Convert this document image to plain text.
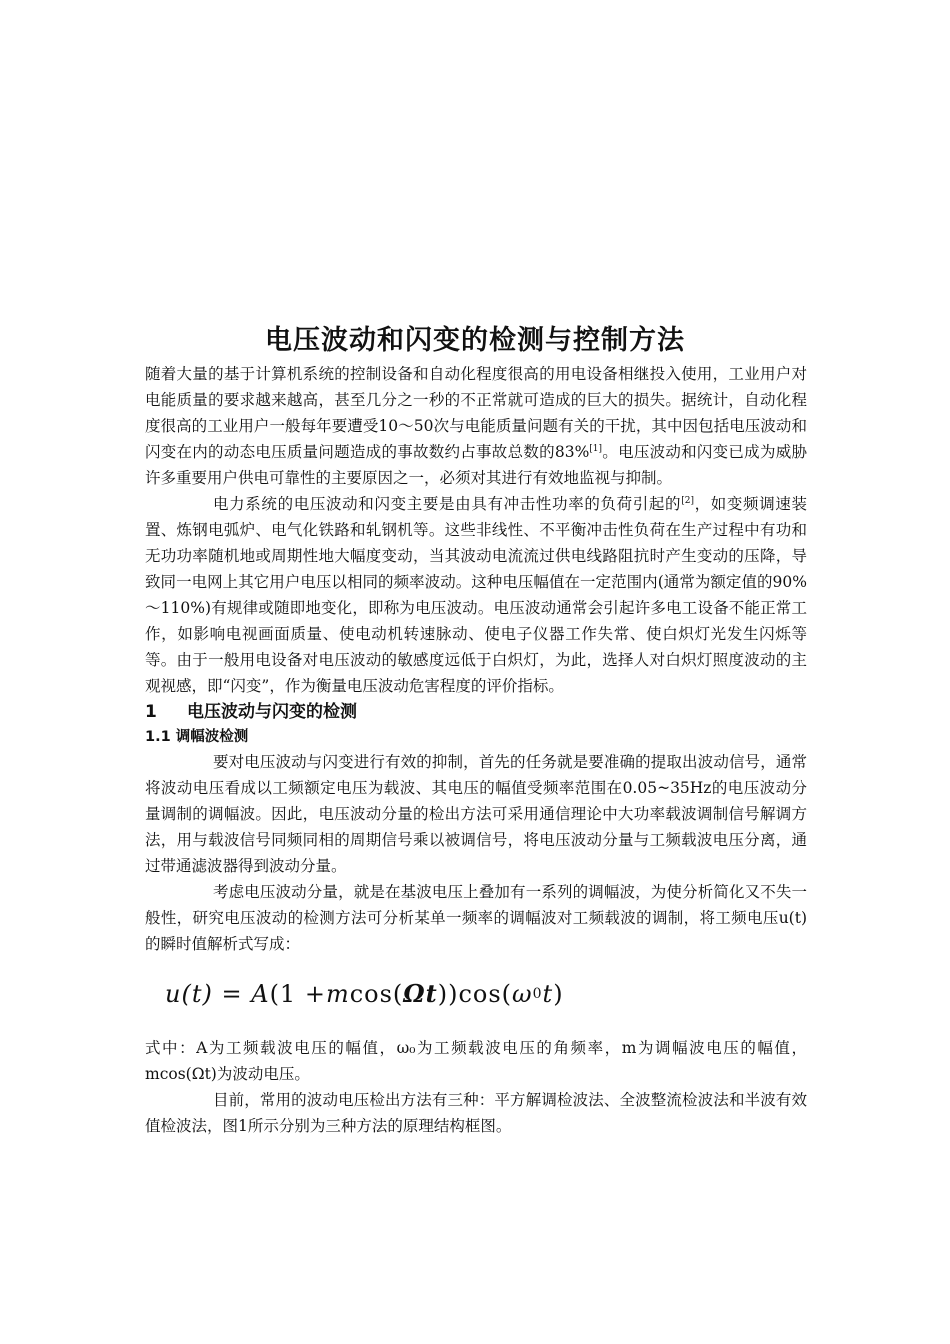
电压波动和闪变的检测与控制方法

随着大量的基于计算机系统的控制设备和自动化程度很高的用电设备相继投入使用，工业用户对电能质量的要求越来越高，甚至几分之一秒的不正常就可造成的巨大的损失。据统计，自动化程度很高的工业用户一般每年要遭受10～50次与电能质量问题有关的干扰，其中因包括电压波动和闪变在内的动态电压质量问题造成的事故数约占事故总数的83%[1]。电压波动和闪变已成为威胁许多重要用户供电可靠性的主要原因之一，必须对其进行有效地监视与抑制。

电力系统的电压波动和闪变主要是由具有冲击性功率的负荷引起的[2]，如变频调速装置、炼钢电弧炉、电气化铁路和轧钢机等。这些非线性、不平衡冲击性负荷在生产过程中有功和无功功率随机地或周期性地大幅度变动，当其波动电流流过供电线路阻抗时产生变动的压降，导致同一电网上其它用户电压以相同的频率波动。这种电压幅值在一定范围内(通常为额定值的90%～110%)有规律或随即地变化，即称为电压波动。电压波动通常会引起许多电工设备不能正常工作，如影响电视画面质量、使电动机转速脉动、使电子仪器工作失常、使白炽灯光发生闪烁等等。由于一般用电设备对电压波动的敏感度远低于白炽灯，为此，选择人对白炽灯照度波动的主观视感，即“闪变”，作为衡量电压波动危害程度的评价指标。

1 电压波动与闪变的检测
1.1 调幅波检测

要对电压波动与闪变进行有效的抑制，首先的任务就是要准确的提取出波动信号，通常将波动电压看成以工频额定电压为载波、其电压的幅值受频率范围在0.05~35Hz的电压波动分量调制的调幅波。因此，电压波动分量的检出方法可采用通信理论中大功率载波调制信号解调方法，用与载波信号同频同相的周期信号乘以被调信号，将电压波动分量与工频载波电压分离，通过带通滤波器得到波动分量。

考虑电压波动分量，就是在基波电压上叠加有一系列的调幅波，为使分析简化又不失一般性，研究电压波动的检测方法可分析某单一频率的调幅波对工频载波的调制，将工频电压u(t)的瞬时值解析式写成：

u(t)
=
A (1 + m cos ( Ωt ))cos( ω 0 t )

式中：A为工频载波电压的幅值，ω₀为工频载波电压的角频率，m为调幅波电压的幅值，mcos(Ωt)为波动电压。

目前，常用的波动电压检出方法有三种：平方解调检波法、全波整流检波法和半波有效值检波法，图1所示分别为三种方法的原理结构框图。
